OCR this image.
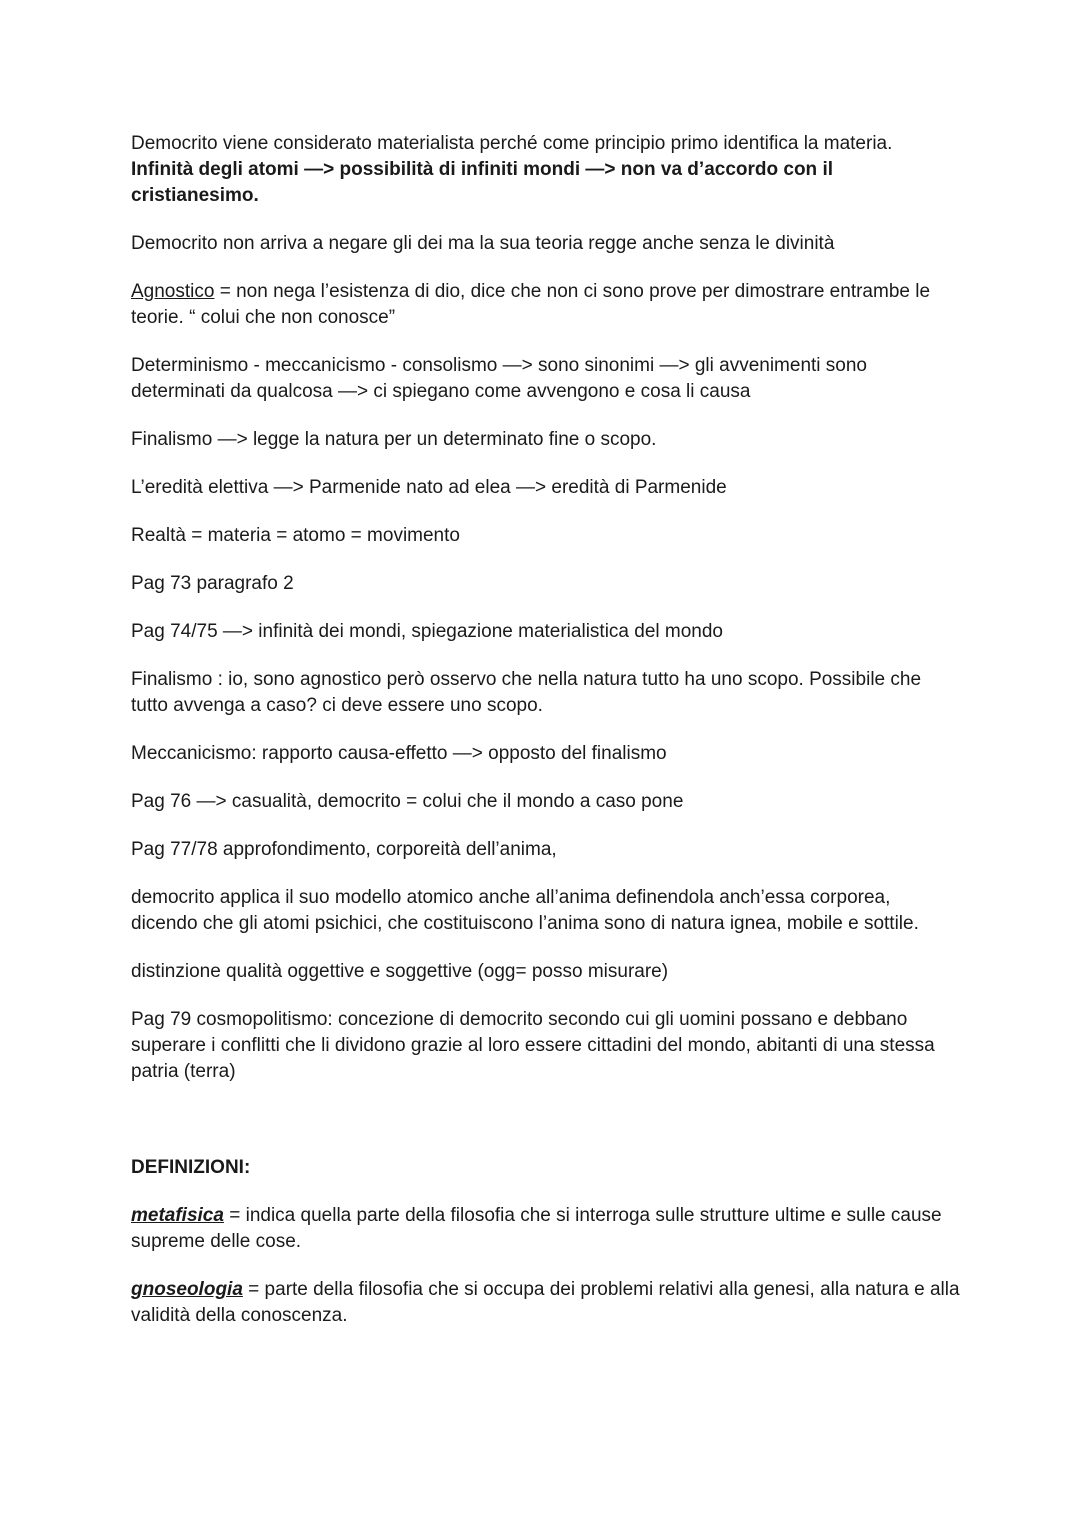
Democrito viene considerato materialista perché come principio primo identifica la materia.
Infinità degli atomi —> possibilità di infiniti mondi —> non va d’accordo con il cristianesimo.

Democrito non arriva a negare gli dei ma la sua teoria regge anche senza le divinità

Agnostico = non nega l’esistenza di dio, dice che non ci sono prove per dimostrare entrambe le teorie. “ colui che non conosce”

Determinismo - meccanicismo - consolismo —> sono sinonimi —> gli avvenimenti sono determinati da qualcosa —> ci spiegano come avvengono e cosa li causa

Finalismo —> legge la natura per un determinato fine o scopo.

L’eredità elettiva —> Parmenide nato ad elea —> eredità di Parmenide

Realtà = materia = atomo = movimento

Pag 73 paragrafo 2

Pag 74/75 —> infinità dei mondi, spiegazione materialistica del mondo

Finalismo : io, sono agnostico però osservo che nella natura tutto ha uno scopo. Possibile che tutto avvenga a caso? ci deve essere uno scopo.

Meccanicismo: rapporto causa-effetto —> opposto del finalismo

Pag 76 —> casualità, democrito = colui che il mondo a caso pone

Pag 77/78 approfondimento, corporeità dell’anima,

democrito applica il suo modello atomico anche all’anima definendola anch’essa corporea, dicendo che gli atomi psichici, che costituiscono l’anima sono di natura ignea, mobile e sottile.

distinzione qualità oggettive e soggettive (ogg= posso misurare)

Pag 79 cosmopolitismo: concezione di democrito secondo cui gli uomini possano e debbano superare i conflitti che li dividono grazie al loro essere cittadini del mondo, abitanti di una stessa patria (terra)

DEFINIZIONI:

metafisica = indica quella parte della filosofia che si interroga sulle strutture ultime e sulle cause supreme delle cose.

gnoseologia = parte della filosofia che si occupa dei problemi relativi alla genesi, alla natura e alla validità della conoscenza.
